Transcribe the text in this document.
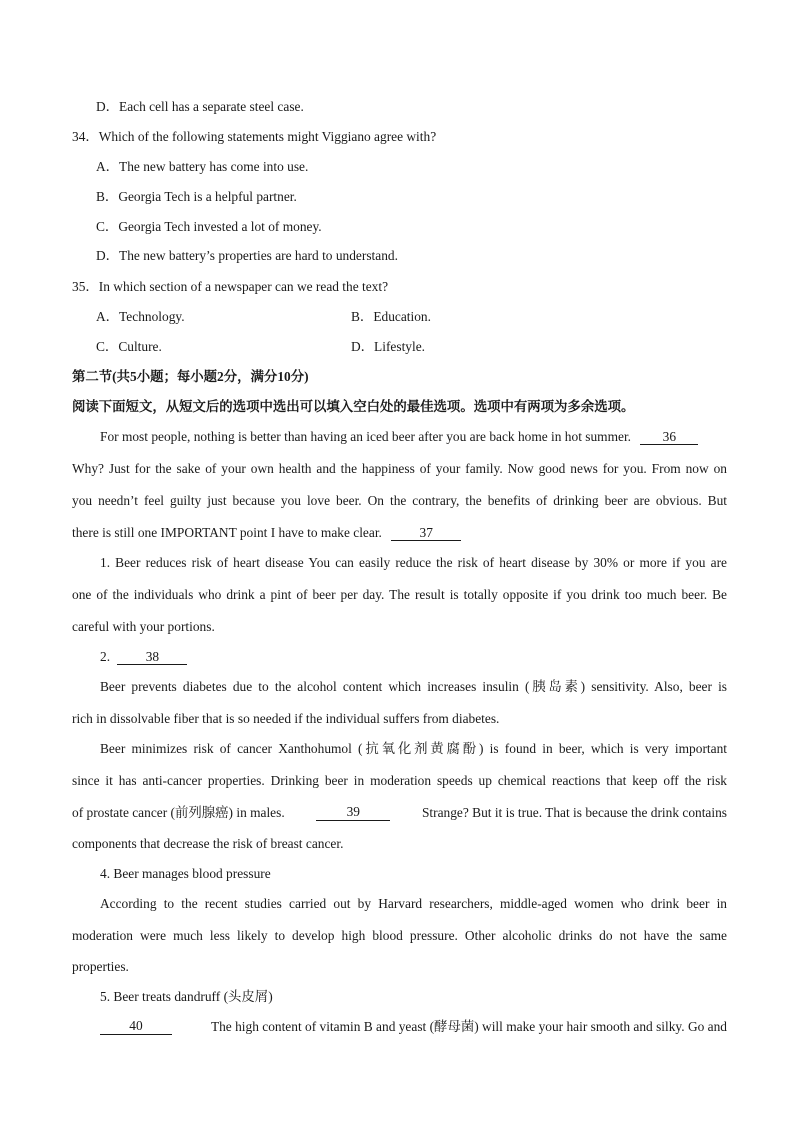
D．Each cell has a separate steel case.
34．Which of the following statements might Viggiano agree with?
A．The new battery has come into use.
B．Georgia Tech is a helpful partner.
C．Georgia Tech invested a lot of money.
D．The new battery’s properties are hard to understand.
35．In which section of a newspaper can we read the text?
A．Technology.	B．Education.
C．Culture.	D．Lifestyle.
第二节(共5小题；每小题2分，满分10分)
阅读下面短文，从短文后的选项中选出可以填入空白处的最佳选项。选项中有两项为多余选项。
For most people, nothing is better than having an iced beer after you are back home in hot summer. 36
Why? Just for the sake of your own health and the happiness of your family. Now good news for you. From now on
you needn’t feel guilty just because you love beer. On the contrary, the benefits of drinking beer are obvious. But
there is still one IMPORTANT point I have to make clear.	37
1. Beer reduces risk of heart disease You can easily reduce the risk of heart disease by 30% or more if you are
one of the individuals who drink a pint of beer per day. The result is totally opposite if you drink too much beer. Be
careful with your portions.
2.	38
Beer prevents diabetes due to the alcohol content which increases insulin (胰岛素) sensitivity. Also, beer is
rich in dissolvable fiber that is so needed if the individual suffers from diabetes.
Beer minimizes risk of cancer Xanthohumol (抗氧化剂黄腐酚) is found in beer, which is very important
since it has anti-cancer properties. Drinking beer in moderation speeds up chemical reactions that keep off the risk
of prostate cancer (前列腺癌) in males.	39	Strange? But it is true. That is because the drink contains
components that decrease the risk of breast cancer.
4. Beer manages blood pressure
According to the recent studies carried out by Harvard researchers, middle-aged women who drink beer in
moderation were much less likely to develop high blood pressure. Other alcoholic drinks do not have the same
properties.
5. Beer treats dandruff (头皮屑)
40	The high content of vitamin B and yeast (酵母菌) will make your hair smooth and silky. Go and
